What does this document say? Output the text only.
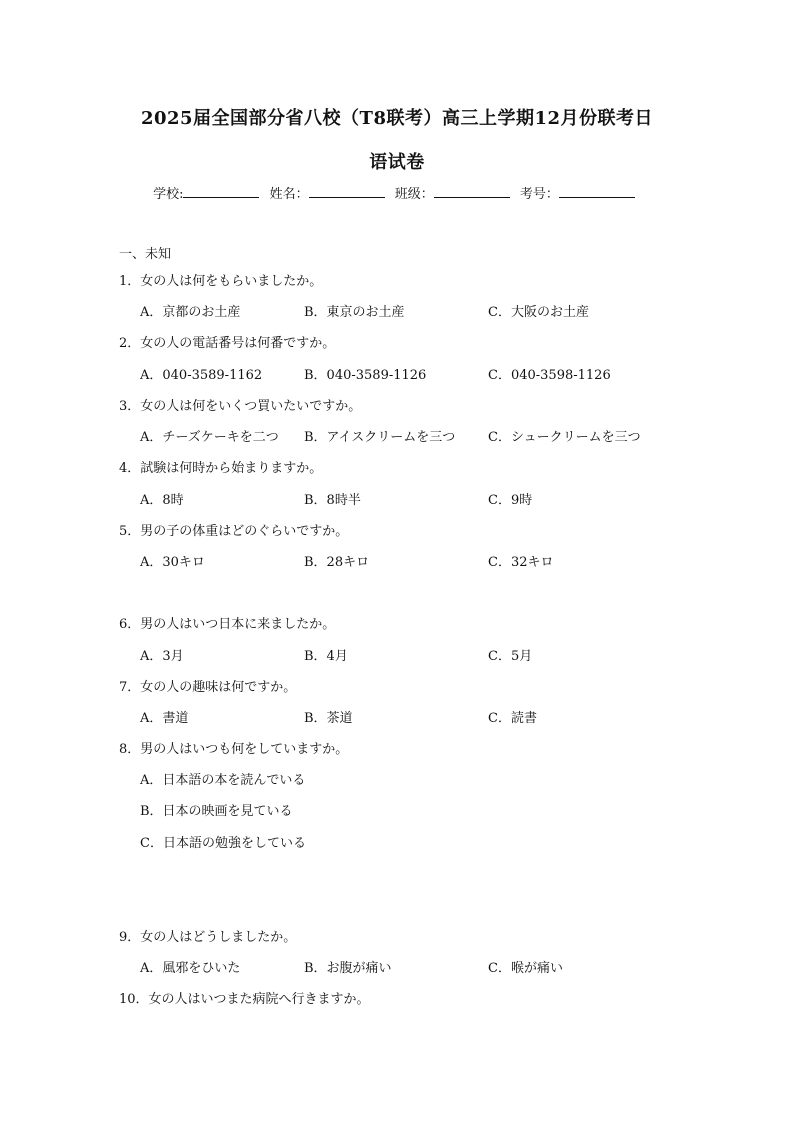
2025届全国部分省八校（T8联考）高三上学期12月份联考日
语试卷
学校:	姓名：	班级：	考号：
一、未知
1．女の人は何をもらいましたか。
A．京都のお土産	B．東京のお土産	C．大阪のお土産
2．女の人の電話番号は何番ですか。
A．040-3589-1162	B．040-3589-1126	C．040-3598-1126
3．女の人は何をいくつ買いたいですか。
A．チーズケーキを二つ B．アイスクリームを三つ	C．シュークリームを三つ
4．試験は何時から始まりますか。
A．8時	B．8時半	C．9時
5．男の子の体重はどのぐらいですか。
A．30キロ	B．28キロ	C．32キロ
6．男の人はいつ日本に来ましたか。
A．3月	B．4月	C．5月
7．女の人の趣味は何ですか。
A．書道	B．茶道	C．読書
8．男の人はいつも何をしていますか。
A．日本語の本を読んでいる
B．日本の映画を見ている
C．日本語の勉強をしている
9．女の人はどうしましたか。
A．風邪をひいた	B．お腹が痛い	C．喉が痛い
10．女の人はいつまた病院へ行きますか。
